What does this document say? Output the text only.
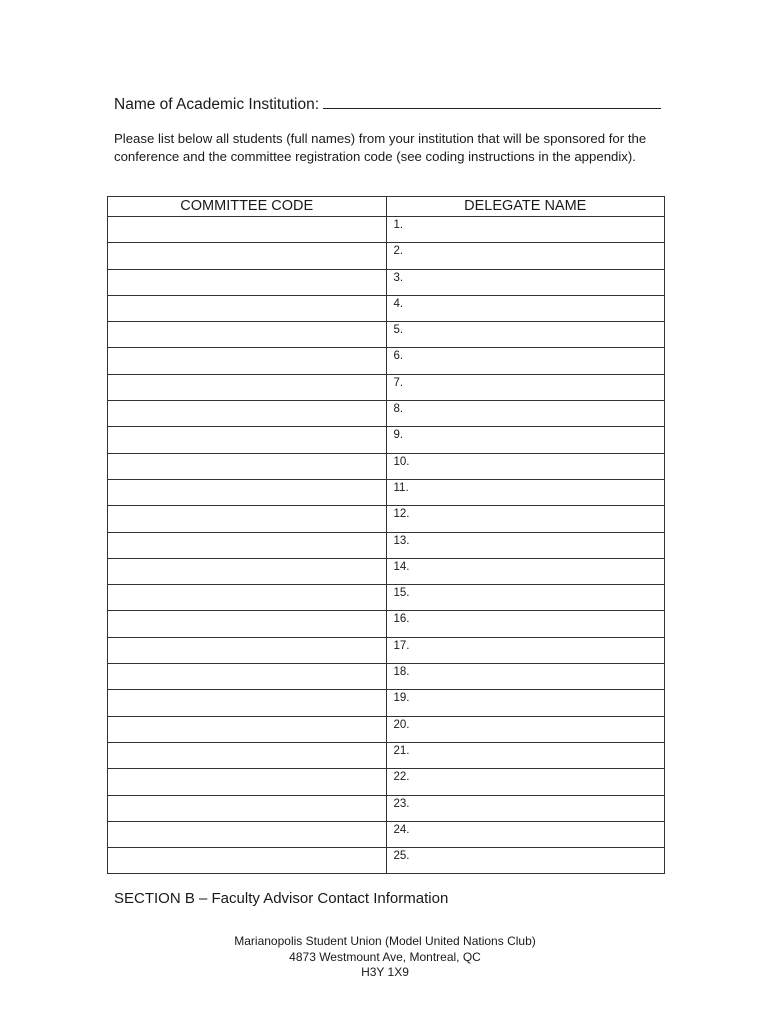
Name of Academic Institution:
Please list below all students (full names) from your institution that will be sponsored for the conference and the committee registration code (see coding instructions in the appendix).
COMMITTEE CODE	DELEGATE NAME
	1.
	2.
	3.
	4.
	5.
	6.
	7.
	8.
	9.
	10.
	11.
	12.
	13.
	14.
	15.
	16.
	17.
	18.
	19.
	20.
	21.
	22.
	23.
	24.
	25.
SECTION B – Faculty Advisor Contact Information
Marianopolis Student Union (Model United Nations Club)
4873 Westmount Ave, Montreal, QC
H3Y 1X9
